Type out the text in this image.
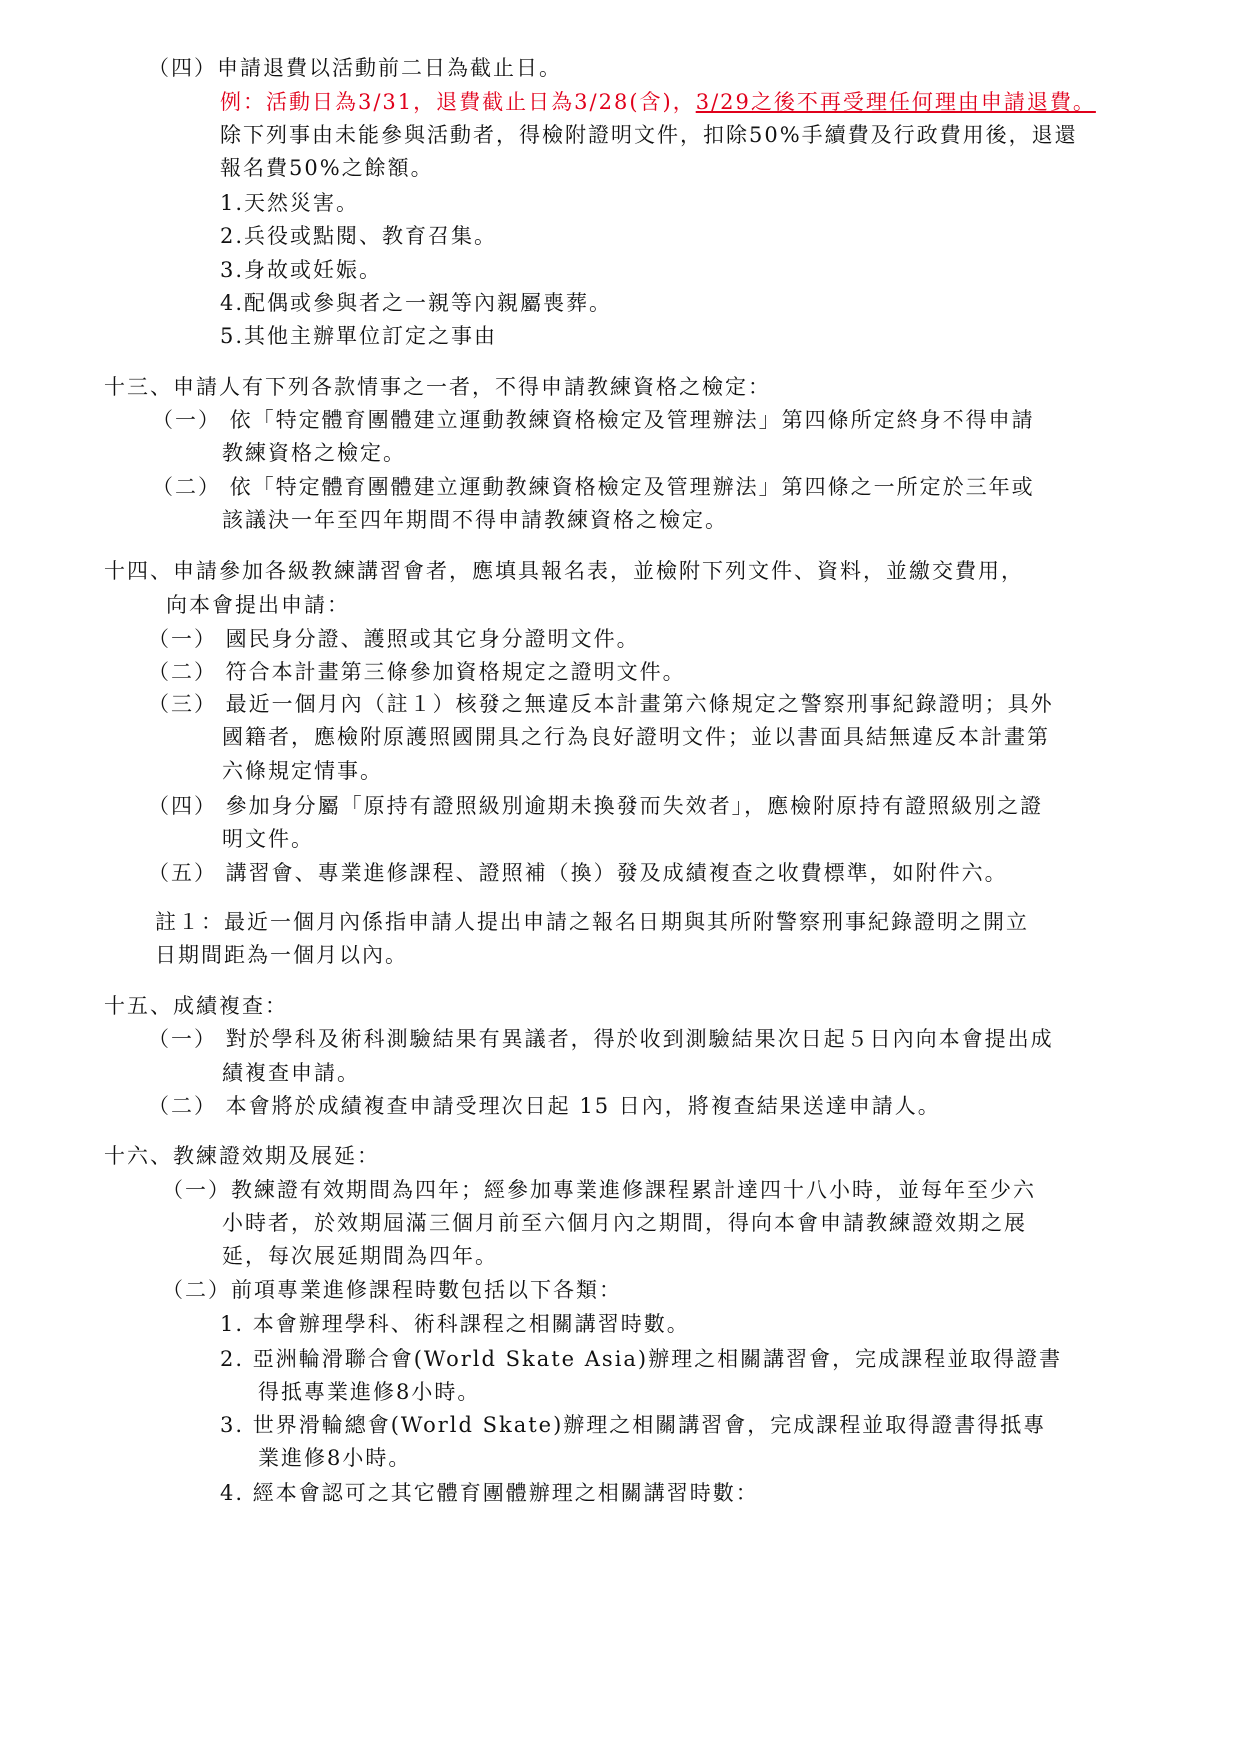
（四）申請退費以活動前二日為截止日。
例：活動日為3/31，退費截止日為3/28(含)，3/29之後不再受理任何理由申請退費。
除下列事由未能參與活動者，得檢附證明文件，扣除50%手續費及行政費用後，退還
報名費50%之餘額。
1.天然災害。
2.兵役或點閱、教育召集。
3.身故或妊娠。
4.配偶或參與者之一親等內親屬喪葬。
5.其他主辦單位訂定之事由
十三、申請人有下列各款情事之一者，不得申請教練資格之檢定：
（一） 依「特定體育團體建立運動教練資格檢定及管理辦法」第四條所定終身不得申請
教練資格之檢定。
（二） 依「特定體育團體建立運動教練資格檢定及管理辦法」第四條之一所定於三年或
該議決一年至四年期間不得申請教練資格之檢定。
十四、申請參加各級教練講習會者，應填具報名表，並檢附下列文件、資料，並繳交費用，
向本會提出申請：
（一） 國民身分證、護照或其它身分證明文件。
（二） 符合本計畫第三條參加資格規定之證明文件。
（三） 最近一個月內（註１）核發之無違反本計畫第六條規定之警察刑事紀錄證明；具外
國籍者，應檢附原護照國開具之行為良好證明文件；並以書面具結無違反本計畫第
六條規定情事。
（四） 參加身分屬「原持有證照級別逾期未換發而失效者」，應檢附原持有證照級別之證
明文件。
（五） 講習會、專業進修課程、證照補（換）發及成績複查之收費標準，如附件六。
註１：最近一個月內係指申請人提出申請之報名日期與其所附警察刑事紀錄證明之開立
日期間距為一個月以內。
十五、成績複查：
（一） 對於學科及術科測驗結果有異議者，得於收到測驗結果次日起５日內向本會提出成
績複查申請。
（二） 本會將於成績複查申請受理次日起 15 日內，將複查結果送達申請人。
十六、教練證效期及展延：
（一）教練證有效期間為四年；經參加專業進修課程累計達四十八小時，並每年至少六
小時者，於效期屆滿三個月前至六個月內之期間，得向本會申請教練證效期之展
延，每次展延期間為四年。
（二）前項專業進修課程時數包括以下各類：
1. 本會辦理學科、術科課程之相關講習時數。
2. 亞洲輪滑聯合會(World Skate Asia)辦理之相關講習會，完成課程並取得證書
得抵專業進修8小時。
3. 世界滑輪總會(World Skate)辦理之相關講習會，完成課程並取得證書得抵專
業進修8小時。
4. 經本會認可之其它體育團體辦理之相關講習時數：
